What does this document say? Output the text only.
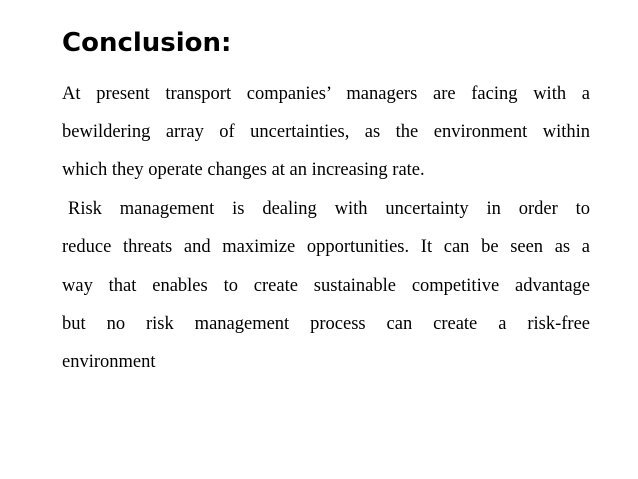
Conclusion:

At present transport companies’ managers are facing with a

bewildering array of uncertainties, as the environment within

which they operate changes at an increasing rate.

Risk management is dealing with uncertainty in order to

reduce threats and maximize opportunities. It can be seen as a

way that enables to create sustainable competitive advantage

but no risk management process can create a risk-free

environment
